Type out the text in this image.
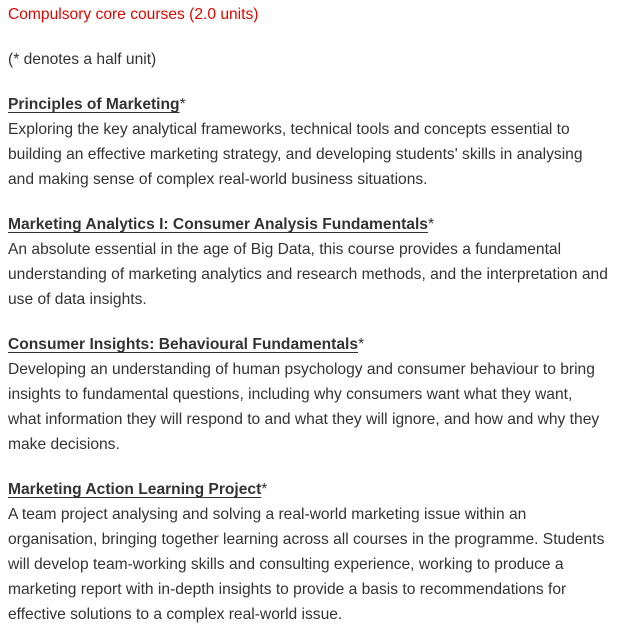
Compulsory core courses (2.0 units)

(* denotes a half unit)

Principles of Marketing*

Exploring the key analytical frameworks, technical tools and concepts essential to building an effective marketing strategy, and developing students' skills in analysing and making sense of complex real-world business situations.

Marketing Analytics I: Consumer Analysis Fundamentals*

An absolute essential in the age of Big Data, this course provides a fundamental understanding of marketing analytics and research methods, and the interpretation and use of data insights.

Consumer Insights: Behavioural Fundamentals*

Developing an understanding of human psychology and consumer behaviour to bring insights to fundamental questions, including why consumers want what they want, what information they will respond to and what they will ignore, and how and why they make decisions.

Marketing Action Learning Project*

A team project analysing and solving a real-world marketing issue within an organisation, bringing together learning across all courses in the programme. Students will develop team-working skills and consulting experience, working to produce a marketing report with in-depth insights to provide a basis to recommendations for effective solutions to a complex real-world issue.
